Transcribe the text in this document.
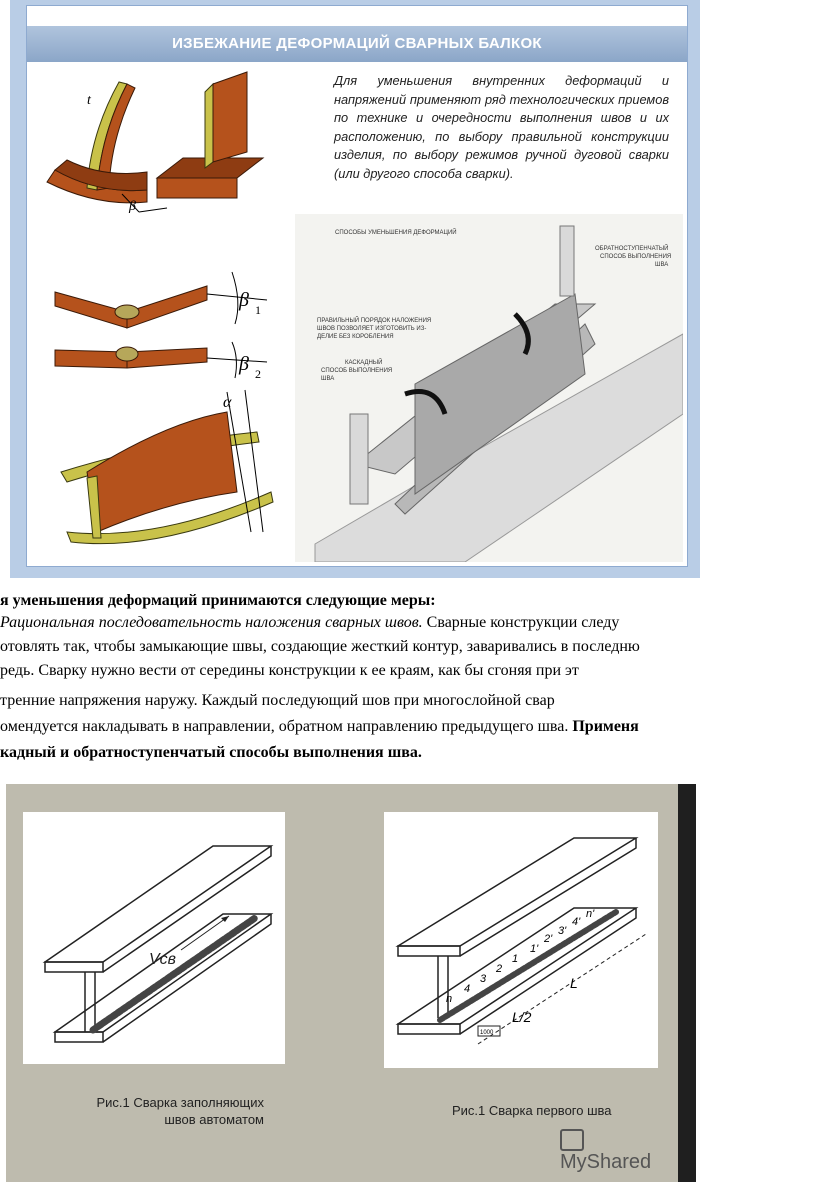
ИЗБЕЖАНИЕ ДЕФОРМАЦИЙ СВАРНЫХ БАЛКОК
t
β
β 1
β 2
α
Для уменьшения внутренних деформаций и напряжений применяют ряд технологических приемов по технике и очередности выполнения швов и их расположению, по выбору правильной конструкции изделия, по выбору режимов ручной дуговой сварки (или другого способа сварки).
СПОСОБЫ УМЕНЬШЕНИЯ ДЕФОРМАЦИЙ
ОБРАТНОСТУПЕНЧАТЫЙ
СПОСОБ ВЫПОЛНЕНИЯ
ШВА
ПРАВИЛЬНЫЙ ПОРЯДОК НАЛОЖЕНИЯ
ШВОВ ПОЗВОЛЯЕТ ИЗГОТОВИТЬ ИЗ-
ДЕЛИЕ БЕЗ КОРОБЛЕНИЯ
КАСКАДНЫЙ
СПОСОБ ВЫПОЛНЕНИЯ
ШВА
я уменьшения деформаций принимаются следующие меры:
Рациональная последовательность наложения сварных швов. Сварные конструкции следу
отовлять так, чтобы замыкающие швы, создающие жесткий контур, заваривались в последню
редь. Сварку нужно вести от середины конструкции к ее краям, как бы сгоняя при эт
тренние напряжения наружу. Каждый последующий шов при многослойной свар
омендуется накладывать в направлении, обратном направлению предыдущего шва. Применя
кадный и обратноступенчатый способы выполнения шва.
Vсв
n
4
3
2
1
1'
2'
3'
4'
n'
L/2
L
1000
Рис.1 Сварка заполняющих
швов автоматом
Рис.1 Сварка первого шва
MyShared
